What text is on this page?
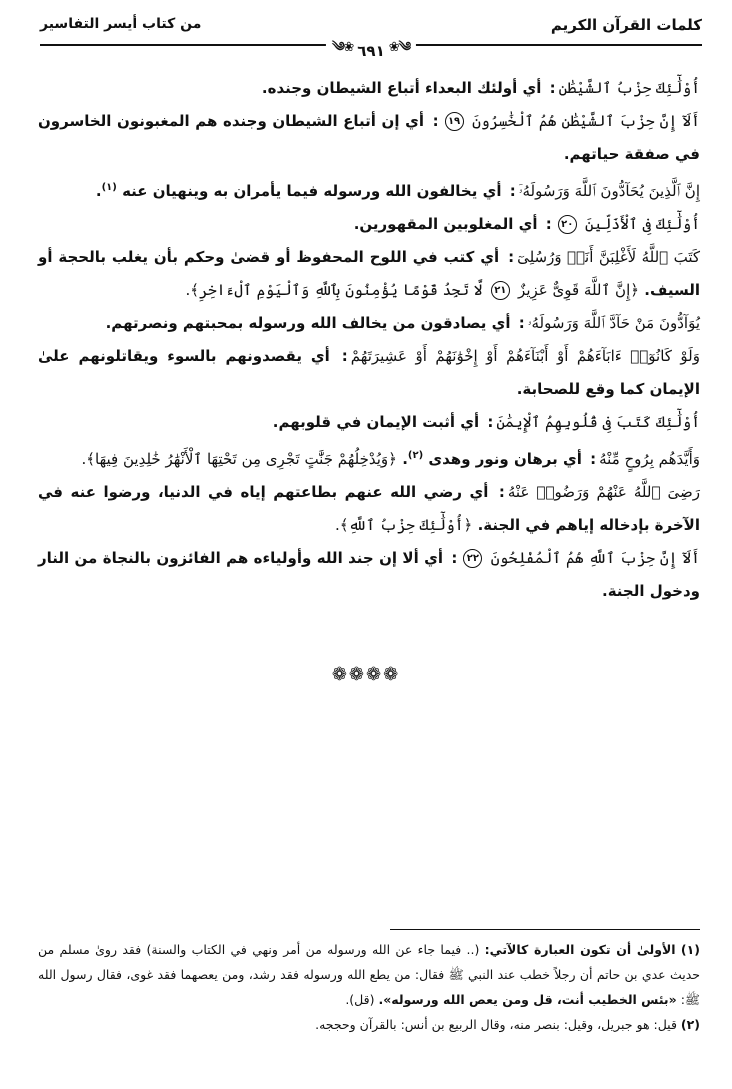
كلمات القرآن الكريم
من كتاب أيسر التفاسير
༄❀
٦٩١
❀༄

أُوْلَٰٓئِكَ حِزْبُ ٱلشَّيْطَٰنِ: أي أولئك البعداء أتباع الشيطان وجنده.

أَلَآ إِنَّ حِزْبَ ٱلشَّيْطَٰنِ هُمُ ٱلْخَٰسِرُونَ ١٩: أي إن أتباع الشيطان وجنده هم المغبونون الخاسرون في صفقة حياتهم.

إِنَّ ٱلَّذِينَ يُحَآدُّونَ ٱللَّهَ وَرَسُولَهُۥٓ: أي يخالفون الله ورسوله فيما يأمران به وينهيان عنه $^{(١)}$.

أُوْلَٰٓئِكَ فِى ٱلْأَذَلِّينَ ٢٠: أي المغلوبين المقهورين.

كَتَبَ ٱللَّهُ لَأَغْلِبَنَّ أَنَا۠ وَرُسُلِىٓ: أي كتب في اللوح المحفوظ أو قضىٰ وحكم بأن يغلب بالحجة أو السيف. ﴿إِنَّ ٱللَّهَ قَوِىٌّ عَزِيزٌ ٢١ لَّا تَجِدُ قَوْمًا يُؤْمِنُونَ بِٱللَّهِ وَٱلْيَوْمِ ٱلْءَاخِرِ﴾.

يُوَآدُّونَ مَنْ حَآدَّ ٱللَّهَ وَرَسُولَهُۥ: أي يصادقون من يخالف الله ورسوله بمحبتهم ونصرتهم.

وَلَوْ كَانُوٓا۟ ءَابَآءَهُمْ أَوْ أَبْنَآءَهُمْ أَوْ إِخْوَٰنَهُمْ أَوْ عَشِيرَتَهُمْ: أي يقصدونهم بالسوء ويقاتلونهم علىٰ الإيمان كما وقع للصحابة.

أُوْلَٰٓئِكَ كَتَبَ فِى قُلُوبِهِمُ ٱلْإِيمَٰنَ: أي أثبت الإيمان في قلوبهم.

وَأَيَّدَهُم بِرُوحٍ مِّنْهُ: أي برهان ونور وهدى $^{(٢)}$. ﴿وَيُدْخِلُهُمْ جَنَّٰتٍ تَجْرِى مِن تَحْتِهَا ٱلْأَنْهَٰرُ خَٰلِدِينَ فِيهَا﴾.

رَضِىَ ٱللَّهُ عَنْهُمْ وَرَضُوا۟ عَنْهُ: أي رضي الله عنهم بطاعتهم إياه في الدنيا، ورضوا عنه في الآخرة بإدخاله إياهم في الجنة. ﴿أُوْلَٰٓئِكَ حِزْبُ ٱللَّهِ﴾.

أَلَآ إِنَّ حِزْبَ ٱللَّهِ هُمُ ٱلْمُفْلِحُونَ ٢٢: أي ألا إن جند الله وأولياءه هم الفائزون بالنجاة من النار ودخول الجنة.

❁❁❁❁

(١) الأولىٰ أن تكون العبارة كالآتي: (.. فيما جاء عن الله ورسوله من أمر ونهي في الكتاب والسنة) فقد روىٰ مسلم من حديث عدي بن حاتم أن رجلاً خطب عند النبي ﷺ فقال: من يطع الله ورسوله فقد رشد، ومن يعصهما فقد غوى، فقال رسول الله ﷺ: «بئس الخطيب أنت، قل ومن يعص الله ورسوله». (قل).

(٢) قيل: هو جبريل، وقيل: بنصر منه، وقال الربيع بن أنس: بالقرآن وحججه.
